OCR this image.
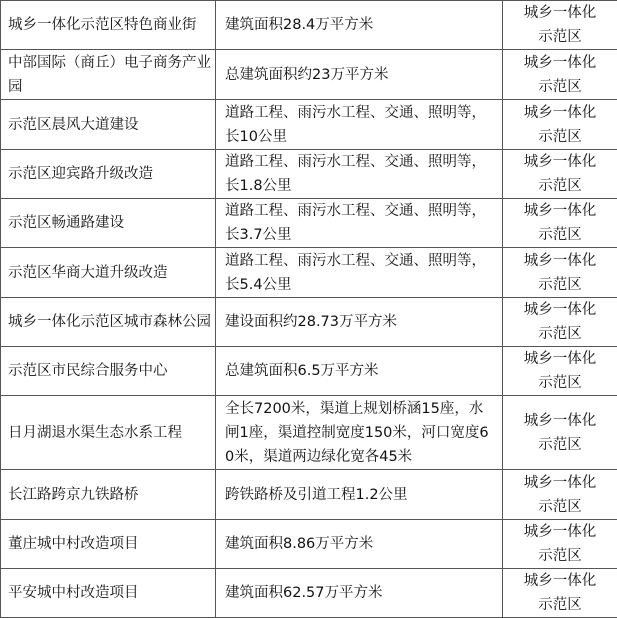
城乡一体化示范区特色商业街	建筑面积28.4万平方米	城乡一体化示范区
中部国际（商丘）电子商务产业园	总建筑面积约23万平方米	城乡一体化示范区
示范区晨风大道建设	道路工程、雨污水工程、交通、照明等，长10公里	城乡一体化示范区
示范区迎宾路升级改造	道路工程、雨污水工程、交通、照明等，长1.8公里	城乡一体化示范区
示范区畅通路建设	道路工程、雨污水工程、交通、照明等，长3.7公里	城乡一体化示范区
示范区华商大道升级改造	道路工程、雨污水工程、交通、照明等，长5.4公里	城乡一体化示范区
城乡一体化示范区城市森林公园	建设面积约28.73万平方米	城乡一体化示范区
示范区市民综合服务中心	总建筑面积6.5万平方米	城乡一体化示范区
日月湖退水渠生态水系工程	全长7200米，渠道上规划桥涵15座，水闸1座，渠道控制宽度150米，河口宽度60米，渠道两边绿化宽各45米	城乡一体化示范区
长江路跨京九铁路桥	跨铁路桥及引道工程1.2公里	城乡一体化示范区
董庄城中村改造项目	建筑面积8.86万平方米	城乡一体化示范区
平安城中村改造项目	建筑面积62.57万平方米	城乡一体化示范区
